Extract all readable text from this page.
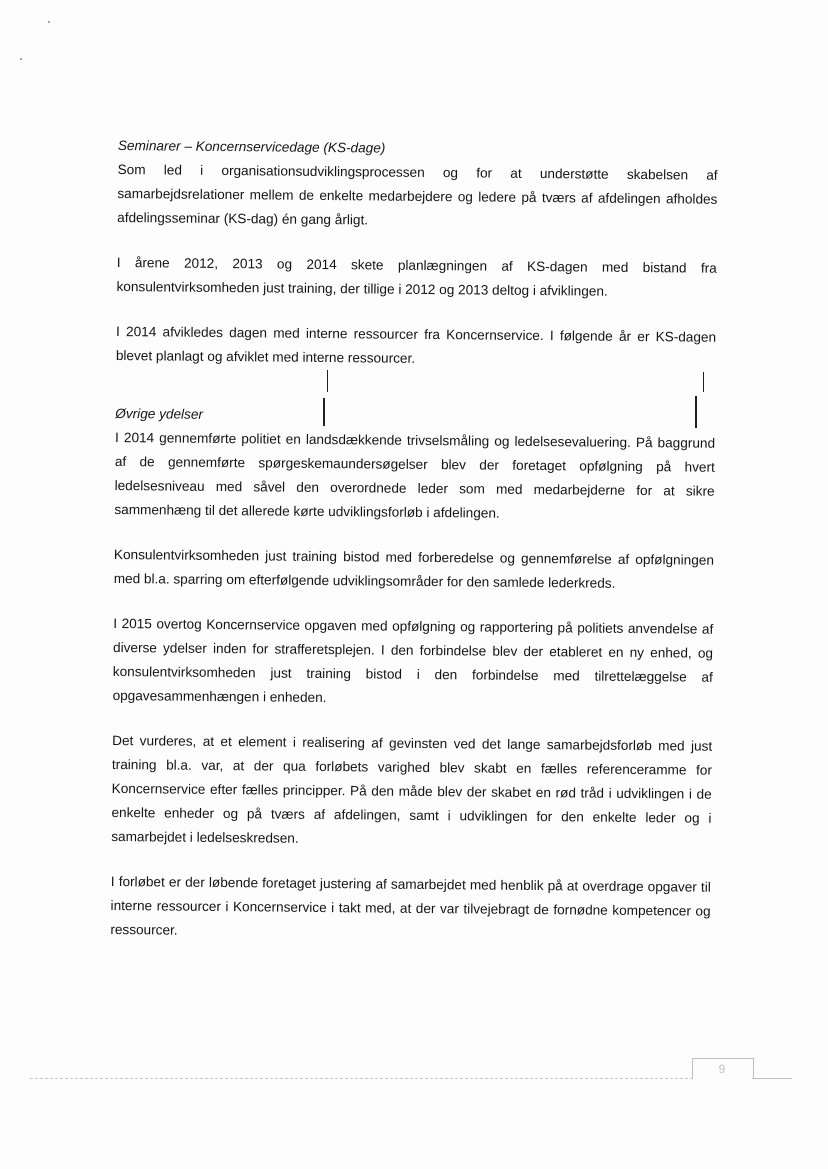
Seminarer – Koncernservicedage (KS-dage)

Som led i organisationsudviklingsprocessen og for at understøtte skabelsen af samarbejdsrelationer mellem de enkelte medarbejdere og ledere på tværs af afdelingen afholdes afdelingsseminar (KS-dag) én gang årligt.

I årene 2012, 2013 og 2014 skete planlægningen af KS-dagen med bistand fra konsulentvirksomheden just training, der tillige i 2012 og 2013 deltog i afviklingen.

I 2014 afvikledes dagen med interne ressourcer fra Koncernservice. I følgende år er KS-dagen blevet planlagt og afviklet med interne ressourcer.

Øvrige ydelser

I 2014 gennemførte politiet en landsdækkende trivselsmåling og ledelsesevaluering. På baggrund af de gennemførte spørgeskemaundersøgelser blev der foretaget opfølgning på hvert ledelsesniveau med såvel den overordnede leder som med medarbejderne for at sikre sammenhæng til det allerede kørte udviklingsforløb i afdelingen.

Konsulentvirksomheden just training bistod med forberedelse og gennemførelse af opfølgningen med bl.a. sparring om efterfølgende udviklingsområder for den samlede lederkreds.

I 2015 overtog Koncernservice opgaven med opfølgning og rapportering på politiets anvendelse af diverse ydelser inden for strafferetsplejen. I den forbindelse blev der etableret en ny enhed, og konsulentvirksomheden just training bistod i den forbindelse med tilrettelæggelse af opgavesammenhængen i enheden.

Det vurderes, at et element i realisering af gevinsten ved det lange samarbejdsforløb med just training bl.a. var, at der qua forløbets varighed blev skabt en fælles referenceramme for Koncernservice efter fælles principper. På den måde blev der skabet en rød tråd i udviklingen i de enkelte enheder og på tværs af afdelingen, samt i udviklingen for den enkelte leder og i samarbejdet i ledelseskredsen.

I forløbet er der løbende foretaget justering af samarbejdet med henblik på at overdrage opgaver til interne ressourcer i Koncernservice i takt med, at der var tilvejebragt de fornødne kompetencer og ressourcer.

9
